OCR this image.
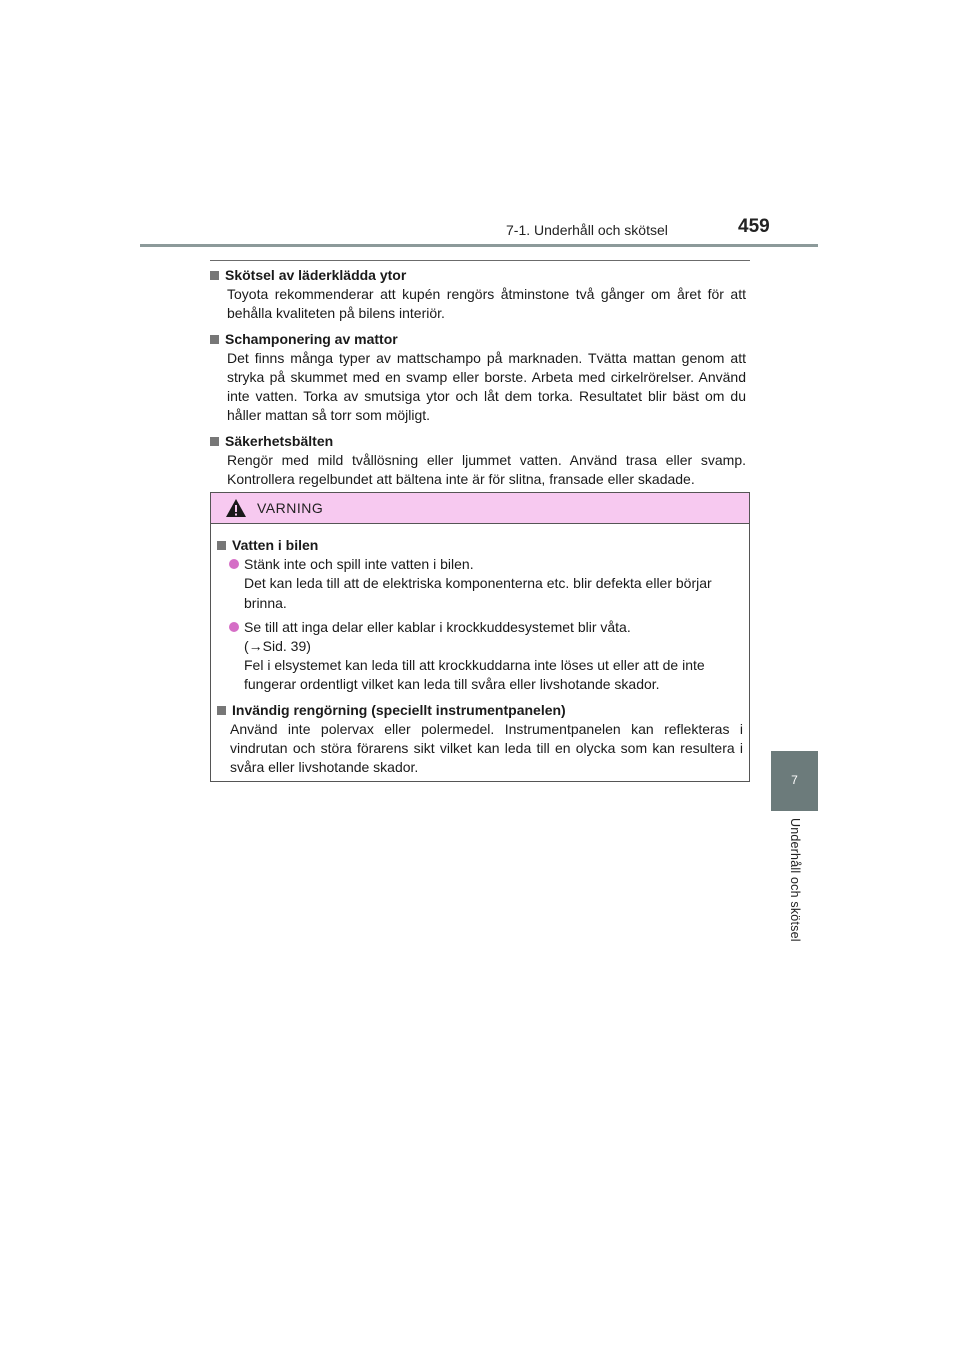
7-1. Underhåll och skötsel	459
7
Underhåll och skötsel
Skötsel av läderklädda ytor
Toyota rekommenderar att kupén rengörs åtminstone två gånger om året för att behålla kvaliteten på bilens interiör.
Schamponering av mattor
Det finns många typer av mattschampo på marknaden. Tvätta mattan genom att stryka på skummet med en svamp eller borste. Arbeta med cirkelrörelser. Använd inte vatten. Torka av smutsiga ytor och låt dem torka. Resultatet blir bäst om du håller mattan så torr som möjligt.
Säkerhetsbälten
Rengör med mild tvållösning eller ljummet vatten. Använd trasa eller svamp. Kontrollera regelbundet att bältena inte är för slitna, fransade eller skadade.
VARNING
Vatten i bilen
Stänk inte och spill inte vatten i bilen.
Det kan leda till att de elektriska komponenterna etc. blir defekta eller börjar brinna.
Se till att inga delar eller kablar i krockkuddesystemet blir våta.
(→Sid. 39)
Fel i elsystemet kan leda till att krockkuddarna inte löses ut eller att de inte fungerar ordentligt vilket kan leda till svåra eller livshotande skador.
Invändig rengörning (speciellt instrumentpanelen)
Använd inte polervax eller polermedel. Instrumentpanelen kan reflekteras i vindrutan och störa förarens sikt vilket kan leda till en olycka som kan resultera i svåra eller livshotande skador.
